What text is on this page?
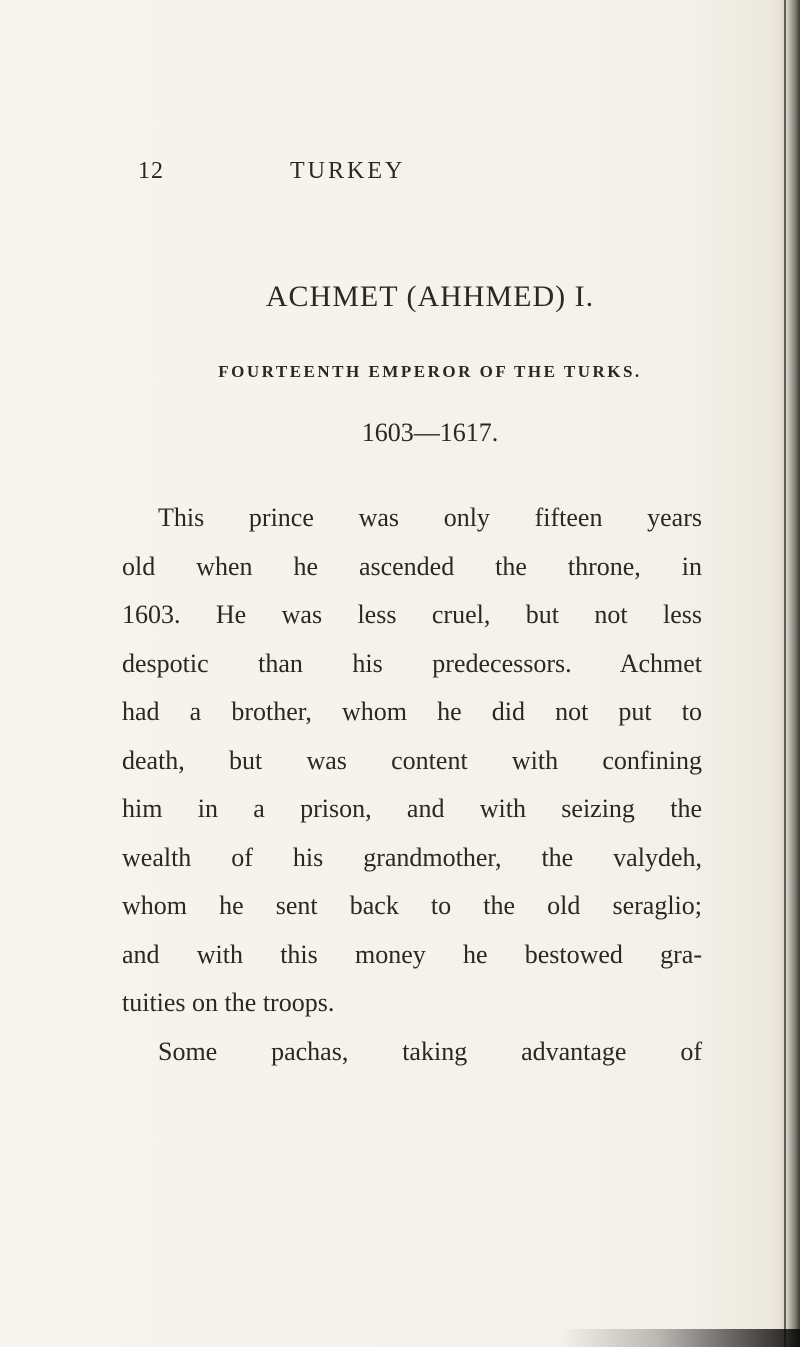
12	TURKEY
ACHMET (AHHMED) I.
FOURTEENTH EMPEROR OF THE TURKS.
1603—1617.
This prince was only fifteen years
old when he ascended the throne, in
1603. He was less cruel, but not less
despotic than his predecessors. Achmet
had a brother, whom he did not put to
death, but was content with confining
him in a prison, and with seizing the
wealth of his grandmother, the valydeh,
whom he sent back to the old seraglio;
and with this money he bestowed gra-
tuities on the troops.
Some pachas, taking advantage of
